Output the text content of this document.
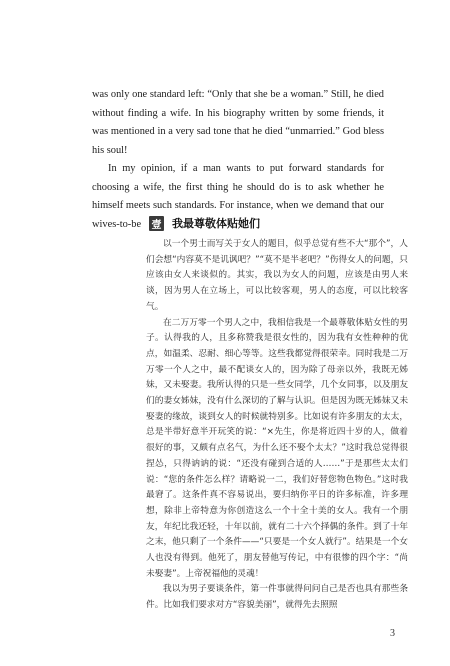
was only one standard left: “Only that she be a woman.” Still, he died without finding a wife. In his biography written by some friends, it was mentioned in a very sad tone that he died “unmarried.” God bless his soul!

In my opinion, if a man wants to put forward standards for choosing a wife, the first thing he should do is to ask whether he himself meets such standards. For instance, when we demand that our wives-to-be	壹 我最尊敬体贴她们

以一个男士而写关于女人的题目，似乎总觉有些不大“那个”，人们会想“内容莫不是讥讽吧？”“莫不是半老吧？”伤得女人的问题，只应该由女人来谈似的。其实，我以为女人的问题，应该是由男人来谈，因为男人在立场上，可以比较客观，男人的态度，可以比较客气。

在二万万零一个男人之中，我相信我是一个最尊敬体贴女性的男子。认得我的人，且多称赞我是很女性的，因为我有女性种种的优点，如温柔、忍耐、细心等等。这些我都觉得很荣幸。同时我是二万万零一个人之中，最不配谈女人的，因为除了母亲以外，我既无姊妹，又未娶妻。我所认得的只是一些女同学，几个女同事，以及朋友们的妻女姊妹，没有什么深切的了解与认识。但是因为既无姊妹又未娶妻的缘故，谈到女人的时候就特别多。比如说有许多朋友的太太，总是半带好意半开玩笑的说：“×先生，你是将近四十岁的人，做着很好的事，又颇有点名气，为什么还不娶个太太？”这时我总觉得很捏怂，只得讷讷的说：“还没有碰到合适的人……”于是那些太太们说：“您的条件怎么样？请略说一二，我们好替您物色物色。”这时我最窘了。这条件真不容易说出，要归纳你平日的许多标准，许多理想，除非上帝特意为你创造这么一个十全十美的女人。我有一个朋友，年纪比我还轻，十年以前，就有二十六个择偶的条件。到了十年之末，他只剩了一个条件——“只要是一个女人就行”。结果是一个女人也没有得到。他死了，朋友替他写传记，中有很惨的四个字：“尚未娶妻”。上帝祝福他的灵魂！

我以为男子要谈条件，第一件事就得问问自己是否也具有那些条件。比如我们要求对方“容貌美丽”，就得先去照照

3
